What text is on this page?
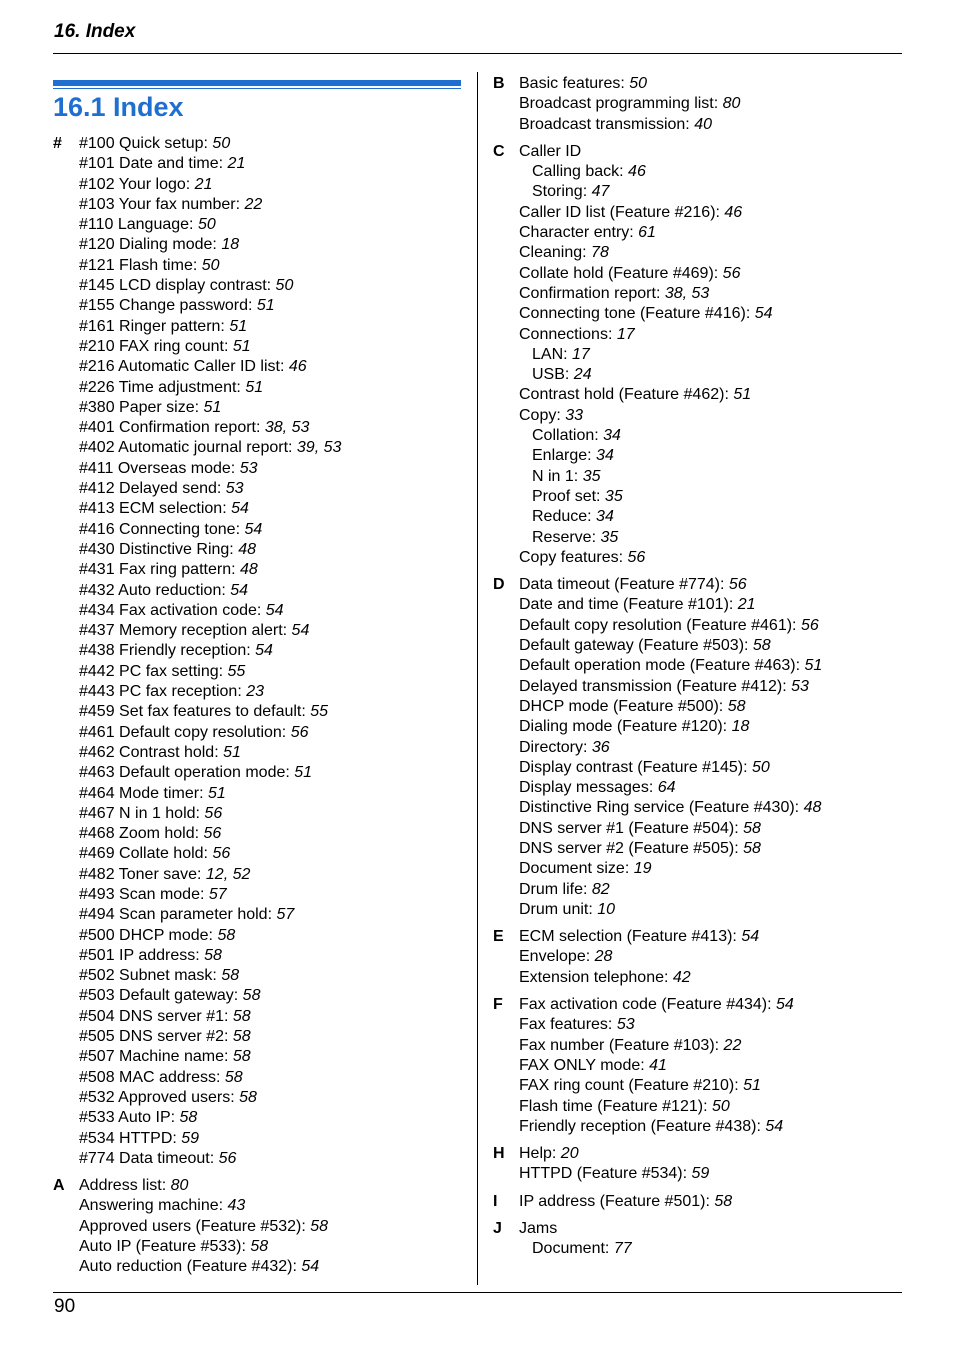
16. Index
16.1 Index
#	#100 Quick setup: 50
#101 Date and time: 21
#102 Your logo: 21
#103 Your fax number: 22
#110 Language: 50
#120 Dialing mode: 18
#121 Flash time: 50
#145 LCD display contrast: 50
#155 Change password: 51
#161 Ringer pattern: 51
#210 FAX ring count: 51
#216 Automatic Caller ID list: 46
#226 Time adjustment: 51
#380 Paper size: 51
#401 Confirmation report: 38, 53
#402 Automatic journal report: 39, 53
#411 Overseas mode: 53
#412 Delayed send: 53
#413 ECM selection: 54
#416 Connecting tone: 54
#430 Distinctive Ring: 48
#431 Fax ring pattern: 48
#432 Auto reduction: 54
#434 Fax activation code: 54
#437 Memory reception alert: 54
#438 Friendly reception: 54
#442 PC fax setting: 55
#443 PC fax reception: 23
#459 Set fax features to default: 55
#461 Default copy resolution: 56
#462 Contrast hold: 51
#463 Default operation mode: 51
#464 Mode timer: 51
#467 N in 1 hold: 56
#468 Zoom hold: 56
#469 Collate hold: 56
#482 Toner save: 12, 52
#493 Scan mode: 57
#494 Scan parameter hold: 57
#500 DHCP mode: 58
#501 IP address: 58
#502 Subnet mask: 58
#503 Default gateway: 58
#504 DNS server #1: 58
#505 DNS server #2: 58
#507 Machine name: 58
#508 MAC address: 58
#532 Approved users: 58
#533 Auto IP: 58
#534 HTTPD: 59
#774 Data timeout: 56
A Address list: 80
Answering machine: 43
Approved users (Feature #532): 58
Auto IP (Feature #533): 58
Auto reduction (Feature #432): 54
B Basic features: 50
Broadcast programming list: 80
Broadcast transmission: 40
C Caller ID
Calling back: 46
Storing: 47
Caller ID list (Feature #216): 46
Character entry: 61
Cleaning: 78
Collate hold (Feature #469): 56
Confirmation report: 38, 53
Connecting tone (Feature #416): 54
Connections: 17
LAN: 17
USB: 24
Contrast hold (Feature #462): 51
Copy: 33
Collation: 34
Enlarge: 34
N in 1: 35
Proof set: 35
Reduce: 34
Reserve: 35
Copy features: 56
D Data timeout (Feature #774): 56
Date and time (Feature #101): 21
Default copy resolution (Feature #461): 56
Default gateway (Feature #503): 58
Default operation mode (Feature #463): 51
Delayed transmission (Feature #412): 53
DHCP mode (Feature #500): 58
Dialing mode (Feature #120): 18
Directory: 36
Display contrast (Feature #145): 50
Display messages: 64
Distinctive Ring service (Feature #430): 48
DNS server #1 (Feature #504): 58
DNS server #2 (Feature #505): 58
Document size: 19
Drum life: 82
Drum unit: 10
E ECM selection (Feature #413): 54
Envelope: 28
Extension telephone: 42
F	Fax activation code (Feature #434): 54
Fax features: 53
Fax number (Feature #103): 22
FAX ONLY mode: 41
FAX ring count (Feature #210): 51
Flash time (Feature #121): 50
Friendly reception (Feature #438): 54
H Help: 20
HTTPD (Feature #534): 59
I	IP address (Feature #501): 58
J	Jams
Document: 77
90
